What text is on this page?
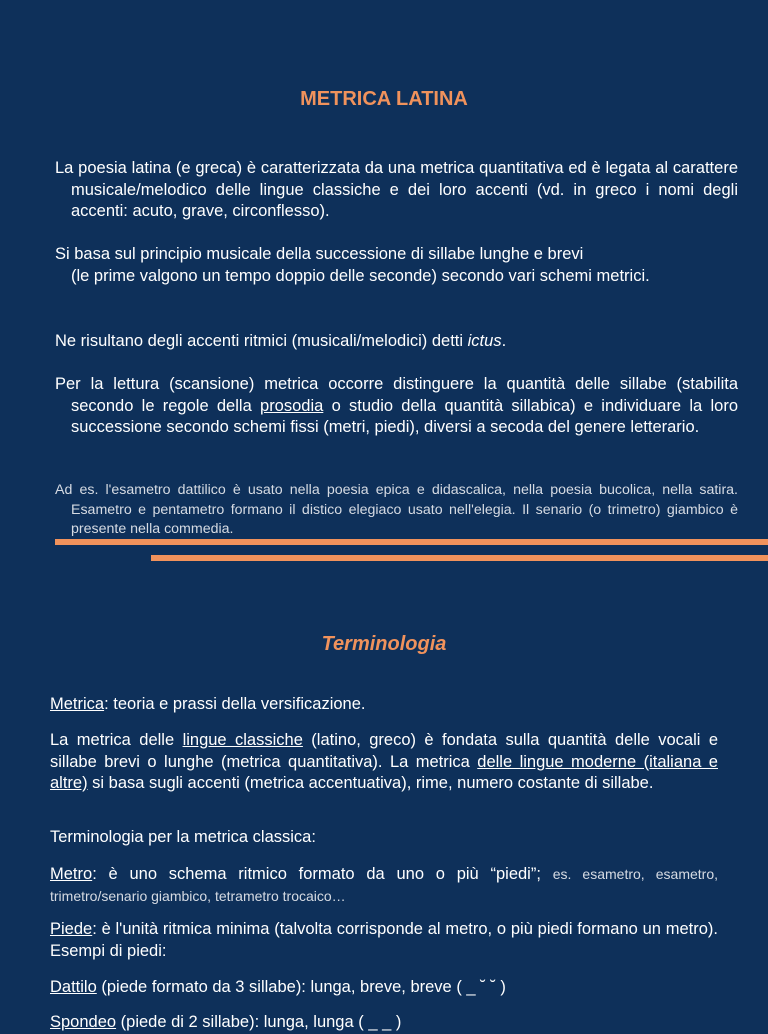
METRICA LATINA
La poesia latina (e greca) è caratterizzata da una metrica quantitativa ed è legata al carattere musicale/melodico delle lingue classiche e dei loro accenti (vd. in greco i nomi degli accenti: acuto, grave, circonflesso).
Si basa sul principio musicale della successione di sillabe lunghe e brevi
(le prime valgono un tempo doppio delle seconde) secondo vari schemi metrici.
Ne risultano degli accenti ritmici (musicali/melodici) detti ictus.
Per la lettura (scansione) metrica occorre distinguere la quantità delle sillabe (stabilita secondo le regole della prosodia o studio della quantità sillabica) e individuare la loro successione secondo schemi fissi (metri, piedi), diversi a secoda del genere letterario.
Ad es. l'esametro dattilico è usato nella poesia epica e didascalica, nella poesia bucolica, nella satira. Esametro e pentametro formano il distico elegiaco usato nell'elegia. Il senario (o trimetro) giambico è presente nella commedia.
Terminologia
Metrica: teoria e prassi della versificazione.
La metrica delle lingue classiche (latino, greco) è fondata sulla quantità delle vocali e sillabe brevi o lunghe (metrica quantitativa). La metrica delle lingue moderne (italiana e altre) si basa sugli accenti (metrica accentuativa), rime, numero costante di sillabe.
Terminologia per la metrica classica:
Metro: è uno schema ritmico formato da uno o più “piedi”; es. esametro, esametro, trimetro/senario giambico, tetrametro trocaico…
Piede: è l'unità ritmica minima (talvolta corrisponde al metro, o più piedi formano un metro). Esempi di piedi:
Dattilo (piede formato da 3 sillabe): lunga, breve, breve ( _ ˘ ˘ )
Spondeo (piede di 2 sillabe): lunga, lunga ( _ _ )
